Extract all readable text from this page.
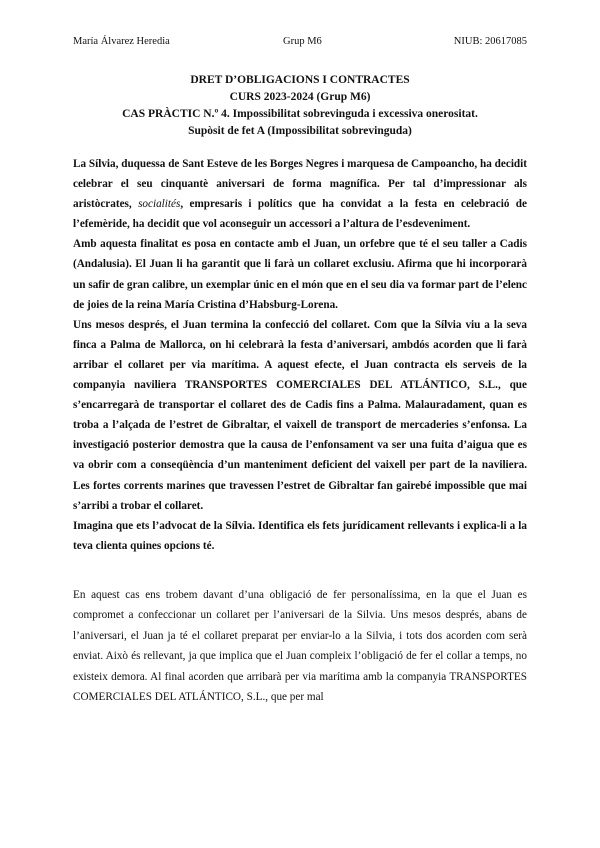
María Álvarez Heredia	Grup M6	NIUB: 20617085
DRET D’OBLIGACIONS I CONTRACTES
CURS 2023-2024 (Grup M6)
CAS PRÀCTIC N.º 4. Impossibilitat sobrevinguda i excessiva onerositat.
Supòsit de fet A (Impossibilitat sobrevinguda)

La Sílvia, duquessa de Sant Esteve de les Borges Negres i marquesa de Campoancho, ha decidit celebrar el seu cinquantè aniversari de forma magnífica. Per tal d’impressionar als aristòcrates, socialités, empresaris i polítics que ha convidat a la festa en celebració de l’efemèride, ha decidit que vol aconseguir un accessori a l’altura de l’esdeveniment.

Amb aquesta finalitat es posa en contacte amb el Juan, un orfebre que té el seu taller a Cadis (Andalusia). El Juan li ha garantit que li farà un collaret exclusiu. Afirma que hi incorporarà un safir de gran calibre, un exemplar únic en el món que en el seu dia va formar part de l’elenc de joies de la reina María Cristina d’Habsburg-Lorena.

Uns mesos després, el Juan termina la confecció del collaret. Com que la Sílvia viu a la seva finca a Palma de Mallorca, on hi celebrarà la festa d’aniversari, ambdós acorden que li farà arribar el collaret per via marítima. A aquest efecte, el Juan contracta els serveis de la companyia naviliera TRANSPORTES COMERCIALES DEL ATLÁNTICO, S.L., que s’encarregarà de transportar el collaret des de Cadis fins a Palma. Malauradament, quan es troba a l’alçada de l’estret de Gibraltar, el vaixell de transport de mercaderies s’enfonsa. La investigació posterior demostra que la causa de l’enfonsament va ser una fuita d’aigua que es va obrir com a conseqüència d’un manteniment deficient del vaixell per part de la naviliera. Les fortes corrents marines que travessen l’estret de Gibraltar fan gairebé impossible que mai s’arribi a trobar el collaret.

Imagina que ets l’advocat de la Sílvia. Identifica els fets jurídicament rellevants i explica-li a la teva clienta quines opcions té.

En aquest cas ens trobem davant d’una obligació de fer personalíssima, en la que el Juan es compromet a confeccionar un collaret per l’aniversari de la Silvia. Uns mesos després, abans de l’aniversari, el Juan ja té el collaret preparat per enviar-lo a la Silvia, i tots dos acorden com serà enviat. Això és rellevant, ja que implica que el Juan compleix l’obligació de fer el collar a temps, no existeix demora. Al final acorden que arribarà per via marítima amb la companyia TRANSPORTES COMERCIALES DEL ATLÁNTICO, S.L., que per mal
